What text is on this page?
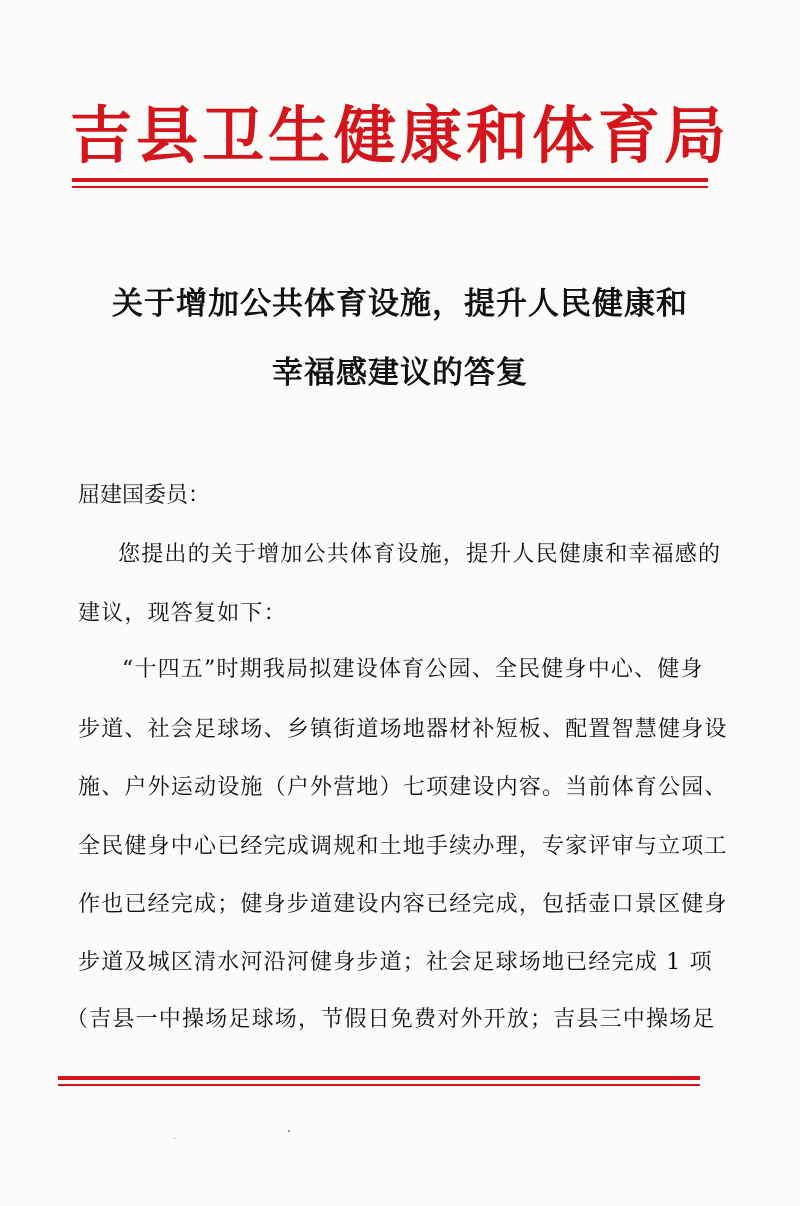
吉县卫生健康和体育局
关于增加公共体育设施，提升人民健康和
幸福感建议的答复
屈建国委员：
您提出的关于增加公共体育设施，提升人民健康和幸福感的
建议，现答复如下：
“十四五”时期我局拟建设体育公园、全民健身中心、健身
步道、社会足球场、乡镇街道场地器材补短板、配置智慧健身设
施、户外运动设施（户外营地）七项建设内容。当前体育公园、
全民健身中心已经完成调规和土地手续办理，专家评审与立项工
作也已经完成；健身步道建设内容已经完成，包括壶口景区健身
步道及城区清水河沿河健身步道；社会足球场地已经完成 1 项
（吉县一中操场足球场，节假日免费对外开放；吉县三中操场足
